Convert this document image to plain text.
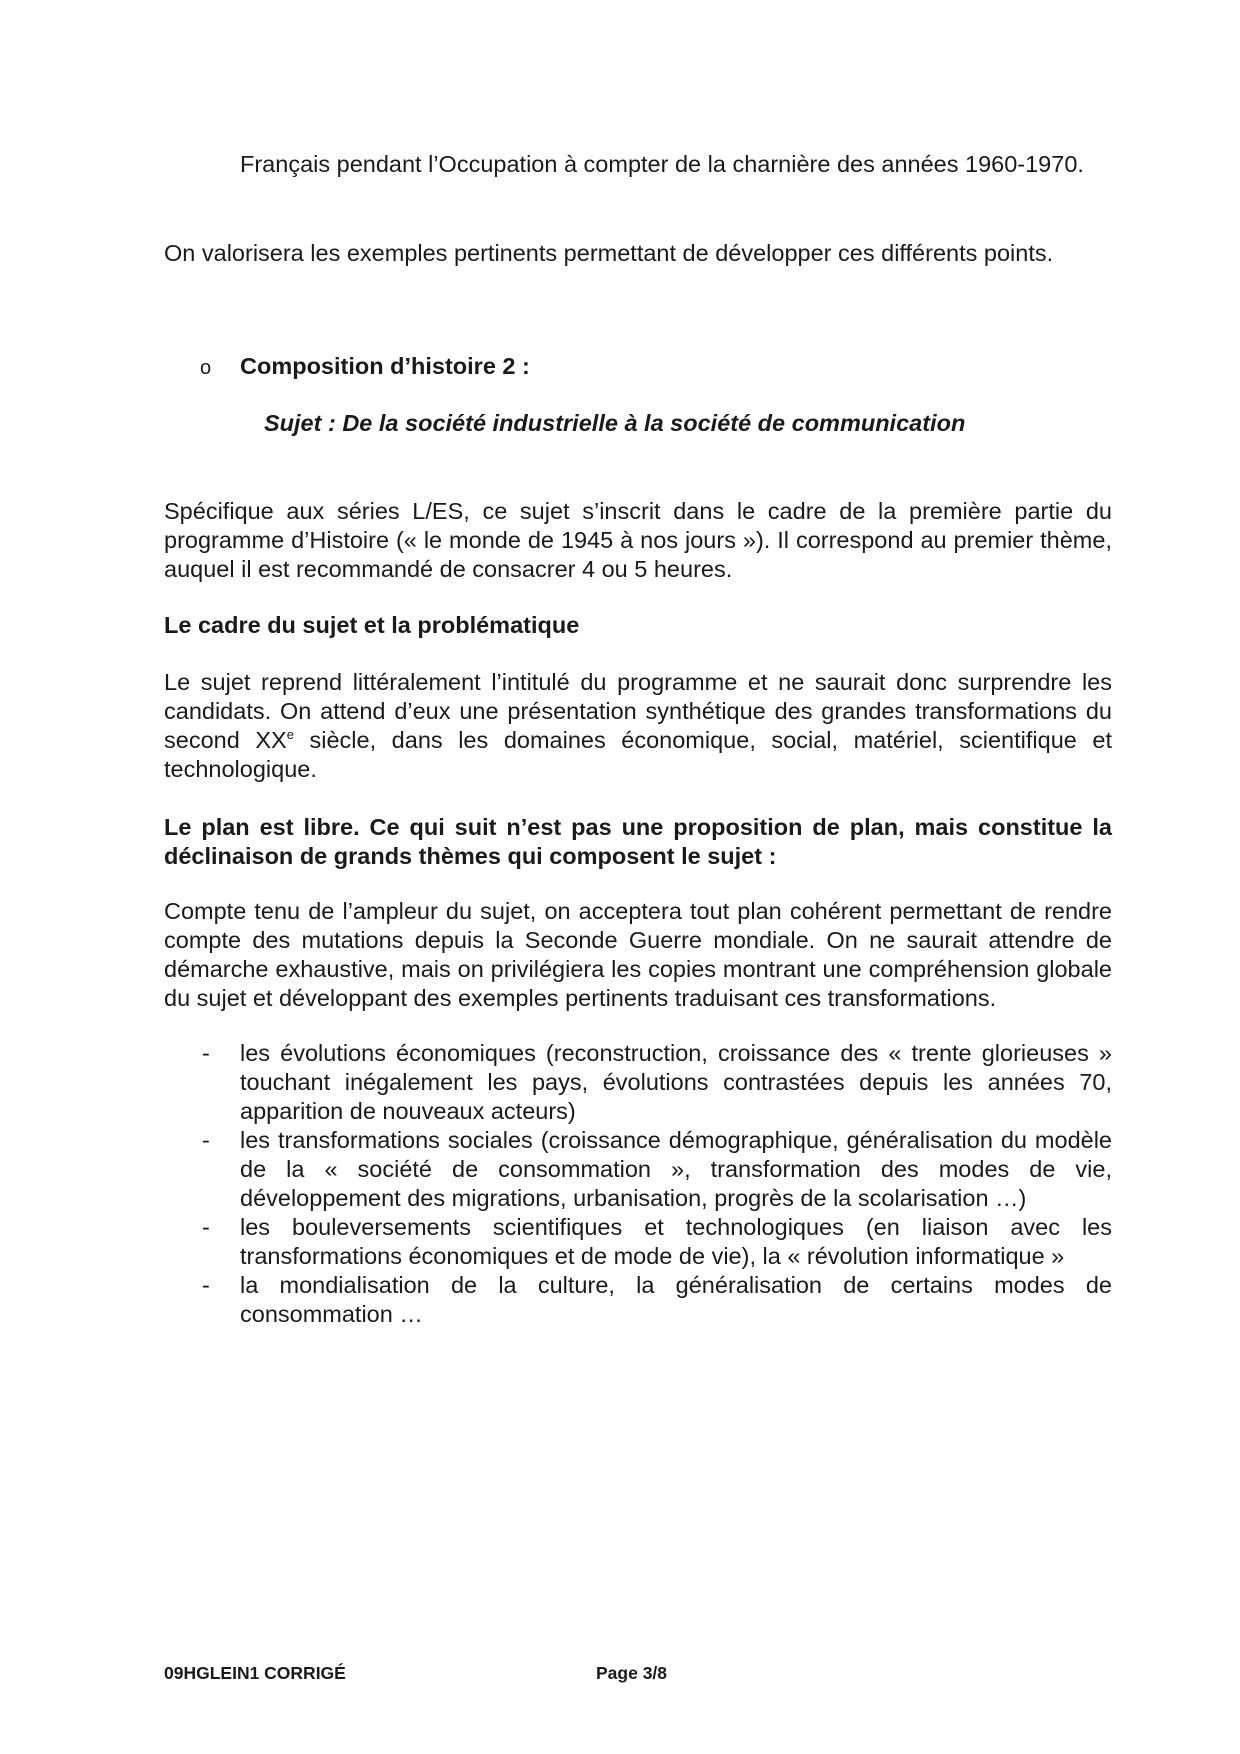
Français pendant l’Occupation à compter de la charnière des années 1960-1970.

On valorisera les exemples pertinents permettant de développer ces différents points.

o Composition d’histoire 2 :
Sujet : De la société industrielle à la société de communication

Spécifique aux séries L/ES, ce sujet s’inscrit dans le cadre de la première partie du programme d’Histoire (« le monde de 1945 à nos jours »). Il correspond au premier thème, auquel il est recommandé de consacrer 4 ou 5 heures.

Le cadre du sujet et la problématique

Le sujet reprend littéralement l’intitulé du programme et ne saurait donc surprendre les candidats. On attend d’eux une présentation synthétique des grandes transformations du second XXe siècle, dans les domaines économique, social, matériel, scientifique et technologique.

Le plan est libre. Ce qui suit n’est pas une proposition de plan, mais constitue la déclinaison de grands thèmes qui composent le sujet :

Compte tenu de l’ampleur du sujet, on acceptera tout plan cohérent permettant de rendre compte des mutations depuis la Seconde Guerre mondiale. On ne saurait attendre de démarche exhaustive, mais on privilégiera les copies montrant une compréhension globale du sujet et développant des exemples pertinents traduisant ces transformations.

- les évolutions économiques (reconstruction, croissance des « trente glorieuses » touchant inégalement les pays, évolutions contrastées depuis les années 70, apparition de nouveaux acteurs)
- les transformations sociales (croissance démographique, généralisation du modèle de la « société de consommation », transformation des modes de vie, développement des migrations, urbanisation, progrès de la scolarisation …)
- les bouleversements scientifiques et technologiques (en liaison avec les transformations économiques et de mode de vie), la « révolution informatique »
- la mondialisation de la culture, la généralisation de certains modes de consommation …
09HGLEIN1 CORRIGÉ	Page 3/8
